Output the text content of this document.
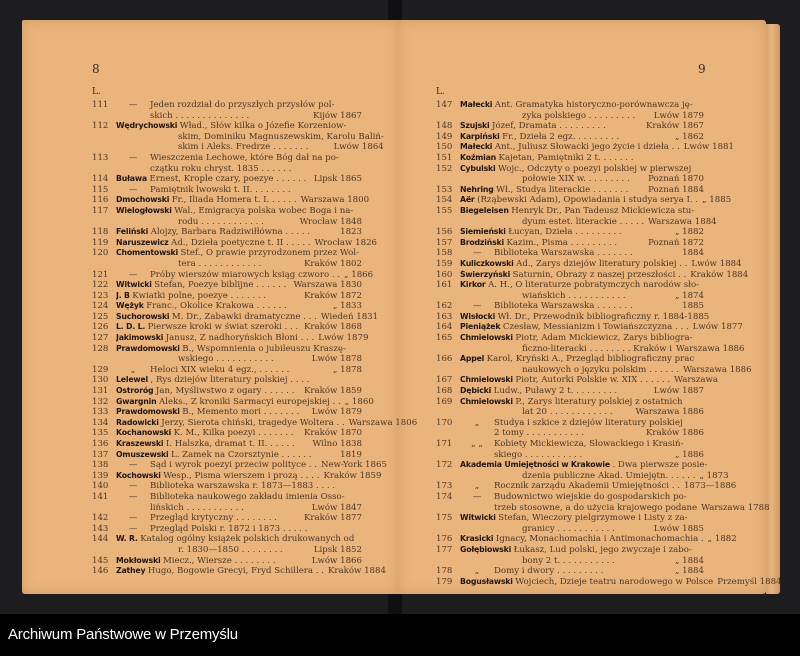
8	9
L.	L.
111	— Jeden rozdział do przyszłych przysłów pol-
skich . . . . . . . . . . . . . .	Kijów 1867
112 Wędrychowski Wład., Słów kilka o Józefie Korzeniow-
skim, Dominiku Magnuszewskim, Karolu Baliń-
skim i Aleks. Fredrze . . . . . . .	Lwów 1864
113	— Wieszczenia Lechowe, które Bóg dał na po-
czątku roku chryst. 1835 . . . . . .
114 Buława Ernest, Krople czary, poezye . . . . . . Lipsk 1865
115	— Pamiętnik lwowski t. II. . . . . . . .
116 Dmochowski Fr., Iliada Homera t. I. . . . . . Warszawa 1800
117 Wielogłowski Wal., Emigracya polska wobec Boga i na-
rodu . . . . . . . . . . . .	Wrocław 1848
118 Feliński Alojzy, Barbara Radziwiłłówna . . . . .	1823
119 Naruszewicz Ad., Dzieła poetyczne t. II . . . . . Wrocław 1826
120 Chomentowski Stef., O prawie przyrodzonem przez Wol-
tera . . . . . . . . . . . .	Kraków 1802
121	— Próby wierszów miarowych ksiąg czworo . . „ 1866
122 Witwicki Stefan, Poezye biblijne . . . . . . Warszawa 1830
123 J. B Kwiatki polne, poezye . . . . . . .	Kraków 1872
124 Wężyk Franc., Okolice Krakowa . . . . . .	„ 1833
125 Suchorowski M. Dr., Zabawki dramatyczne . . . Wiedeń 1831
126 L. D. L. Pierwsze kroki w świat szeroki . . . Kraków 1868
127 Jakimowski Janusz, Z nadhoryńskich Błoni . . . Lwów 1879
128 Prawdomowski B., Wspomnienia o jubileuszu Kraszę-
wskiego . . . . . . . . . . .	Lwów 1878
129	„ Heloci XIX wieku 4 egz., . . . . . .	„ 1878
130 Lelewel , Rys dziejów literatury polskiej . . . .
131 Ostroróg Jan, Myśliwstwo z ogary . . . . . .	Kraków 1859
132 Gwargnin Aleks., Z kroniki Sarmacyi europejskiej . . „ 1860
133 Prawdomowski B., Memento mori . . . . . . .	Lwów 1879
134 Radowicki Jerzy, Sierota chiński, tragedye Woltera . . Warszawa 1806
135 Kochanowski K. M., Kilka poezyi . . . . . . .	Kraków 1870
136 Kraszewski I. Halszka, dramat t. II. . . . . .	Wilno 1838
137 Omuszewski L. Zamek na Czorsztynie . . . . . .	1819
138	— Sąd i wyrok poezyi przeciw polityce . . New-York 1865
139 Kochowski Wesp., Pisma wierszem i prozą . . . . Kraków 1859
140	— Biblioteka warszawska r. 1873—1883 . . . .
141	— Biblioteka naukowego zakładu imienia Osso-
lińskich . . . . . . . . . . .	Lwów 1847
142	— Przegląd krytyczny . . . . . . . .	Kraków 1877
143	— Przegląd Polski r. 1872 i 1873 . . . . .
144 W. R. Katalog ogólny książek polskich drukowanych od
r. 1830—1850 . . . . . . . .	Lipsk 1852
145 Mokłowski Miecz., Wiersze . . . . . . . .	Lwów 1866
146 Zathey Hugo, Bogowie Grecyi, Fryd Schillera . . Kraków 1884
147 Małecki Ant. Gramatyka historyczno-porównawcza ję-
zyka polskiego . . . . . . . . .	Lwów 1879
148 Szujski Józef, Dramata . . . . . . . . .	Kraków 1867
149 Karpiński Fr., Dzieła 2 egz. . . . . . . . .	„ 1862
150 Małecki Ant., Juliusz Słowacki jego życie i dzieła . . Lwów 1881
151 Koźmian Kajetan, Pamiętniki 2 t. . . . . . .
152 Cybulski Wojc., Odczyty o poezyi polskiej w pierwszej
połowie XIX w. . . . . . . . .	Poznań 1870
153 Nehring Wł., Studya literackie . . . . . . .	Poznań 1884
154 Aër (Rząbewski Adam), Opowiadania i studya serya I. . „ 1885
155 Biegeleisen Henryk Dr., Pan Tadeusz Mickiewicza stu-
dyum estet. literackie . . . . . Warszawa 1884
156 Siemieński Łucyan, Dzieła . . . . . . . . .	„ 1882
157 Brodziński Kazim., Pisma . . . . . . . . .	Poznań 1872
158	— Biblioteka Warszawska . . . . . . .	1884
159 Kuliczkowski Ad., Zarys dziejów literatury polskiej . . Lwów 1884
160 Świerzyński Saturnin, Obrazy z naszej przeszłości . . Kraków 1884
161 Kirkor A. H., O literaturze pobratymczych narodów sło-
wiańskich . . . . . . . . . . .	„ 1874
162	— Biblioteka Warszawska . . . . . . .	1885
163 Wisłocki Wł. Dr., Przewodnik bibliograficzny r. 1884-1885
164 Pieniążek Czesław, Messianizm i Towiańszczyzna . . . Lwów 1877
165 Chmielowski Piotr, Adam Mickiewicz, Zarys bibliogra-
ficzno-literacki . . . . . . . . Kraków i Warszawa 1886
166 Appel Karol, Kryński A., Przegląd bibliograficzny prac
naukowych o języku polskim . . . . . . Warszawa 1886
167 Chmielowski Piotr, Autorki Polskie w. XIX . . . . . . Warszawa
168 Dębicki Ludw., Puławy 2 t. . . . . . . . .	Lwów 1887
169 Chmielowski P., Zarys literatury polskiej z ostatnich
lat 20 . . . . . . . . . . . .	Warszawa 1886
170	„ Studya i szkice z dziejów literatury polskiej
2 tomy . . . . . . . . . . .	Kraków 1886
171	„ „ Kobiety Mickiewicza, Słowackiego i Krasiń-
skiego . . . . . . . . . . .	„ 1886
172 Akademia Umiejętności w Krakowie . Dwa pierwsze posie-
dzenia publiczne Akad. Umiejętn. . . . . . „ 1873
173	„ Rocznik zarządu Akademii Umiejętności . . 1873—1886
174	— Budownictwo wiejskie do gospodarskich po-
trzeb stosowne, a do użycia krajowego podane Warszawa 1788
175 Witwicki Stefan, Wieczory pielgrzymowe i Listy z za-
granicy . . . . . . . . . . .	Lwów 1885
176 Krasicki Ignacy, Monachomachia i Antimonachomachia . „ 1882
177 Gołębiowski Łukasz, Lud polski, jego zwyczaje i zabo-
bony 2 t. . . . . . . . . . .	„ 1884
178	„ Domy i dwory . . . . . . . . .	„ 1884
179 Bogusławski Wojciech, Dzieje teatru narodowego w Polsce Przemyśl 1884
Archiwum Państwowe w Przemyślu
